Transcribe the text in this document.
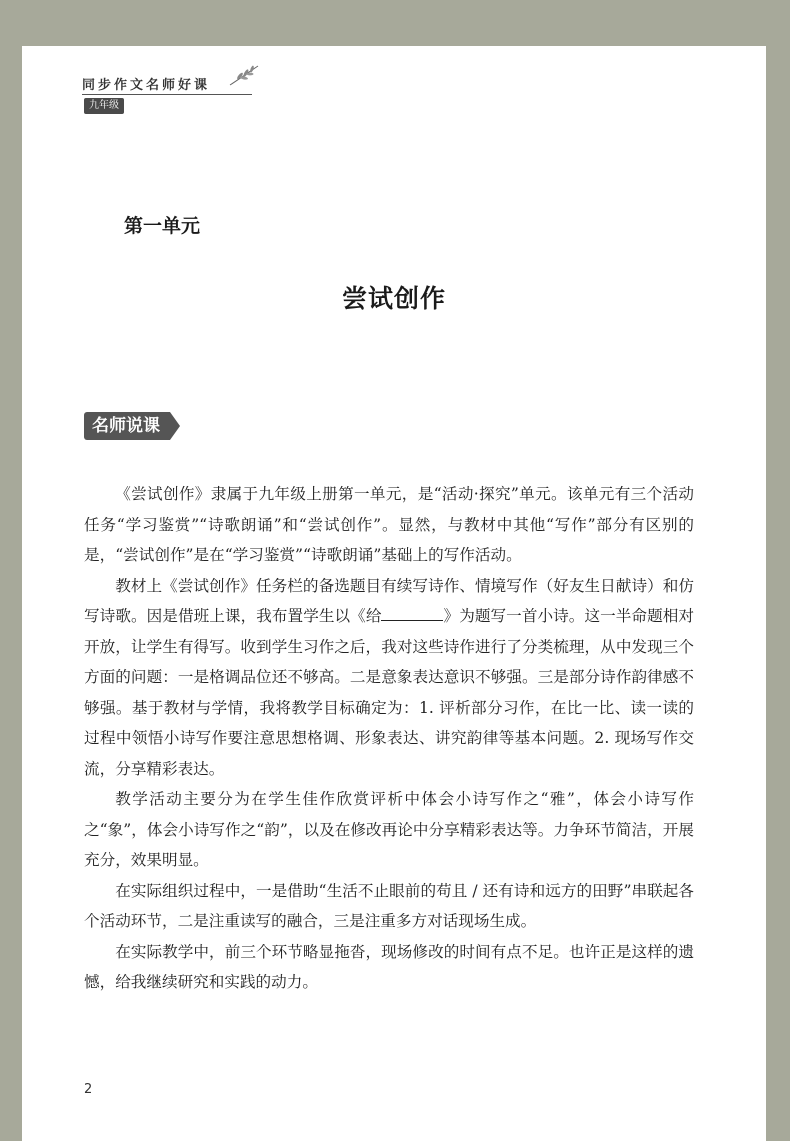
同步作文名师好课
九年级
第一单元
尝试创作
名师说课

《尝试创作》隶属于九年级上册第一单元，是“活动·探究”单元。该单元有三个活动任务“学习鉴赏”“诗歌朗诵”和“尝试创作”。显然，与教材中其他“写作”部分有区别的是，“尝试创作”是在“学习鉴赏”“诗歌朗诵”基础上的写作活动。

教材上《尝试创作》任务栏的备选题目有续写诗作、情境写作（好友生日献诗）和仿写诗歌。因是借班上课，我布置学生以《给	》为题写一首小诗。这一半命题相对开放，让学生有得写。收到学生习作之后，我对这些诗作进行了分类梳理，从中发现三个方面的问题：一是格调品位还不够高。二是意象表达意识不够强。三是部分诗作韵律感不够强。基于教材与学情，我将教学目标确定为：1. 评析部分习作，在比一比、读一读的过程中领悟小诗写作要注意思想格调、形象表达、讲究韵律等基本问题。2. 现场写作交流，分享精彩表达。

教学活动主要分为在学生佳作欣赏评析中体会小诗写作之“雅”，体会小诗写作之“象”，体会小诗写作之“韵”，以及在修改再论中分享精彩表达等。力争环节简洁，开展充分，效果明显。

在实际组织过程中，一是借助“生活不止眼前的苟且 / 还有诗和远方的田野”串联起各个活动环节，二是注重读写的融合，三是注重多方对话现场生成。

在实际教学中，前三个环节略显拖沓，现场修改的时间有点不足。也许正是这样的遗憾，给我继续研究和实践的动力。

2
